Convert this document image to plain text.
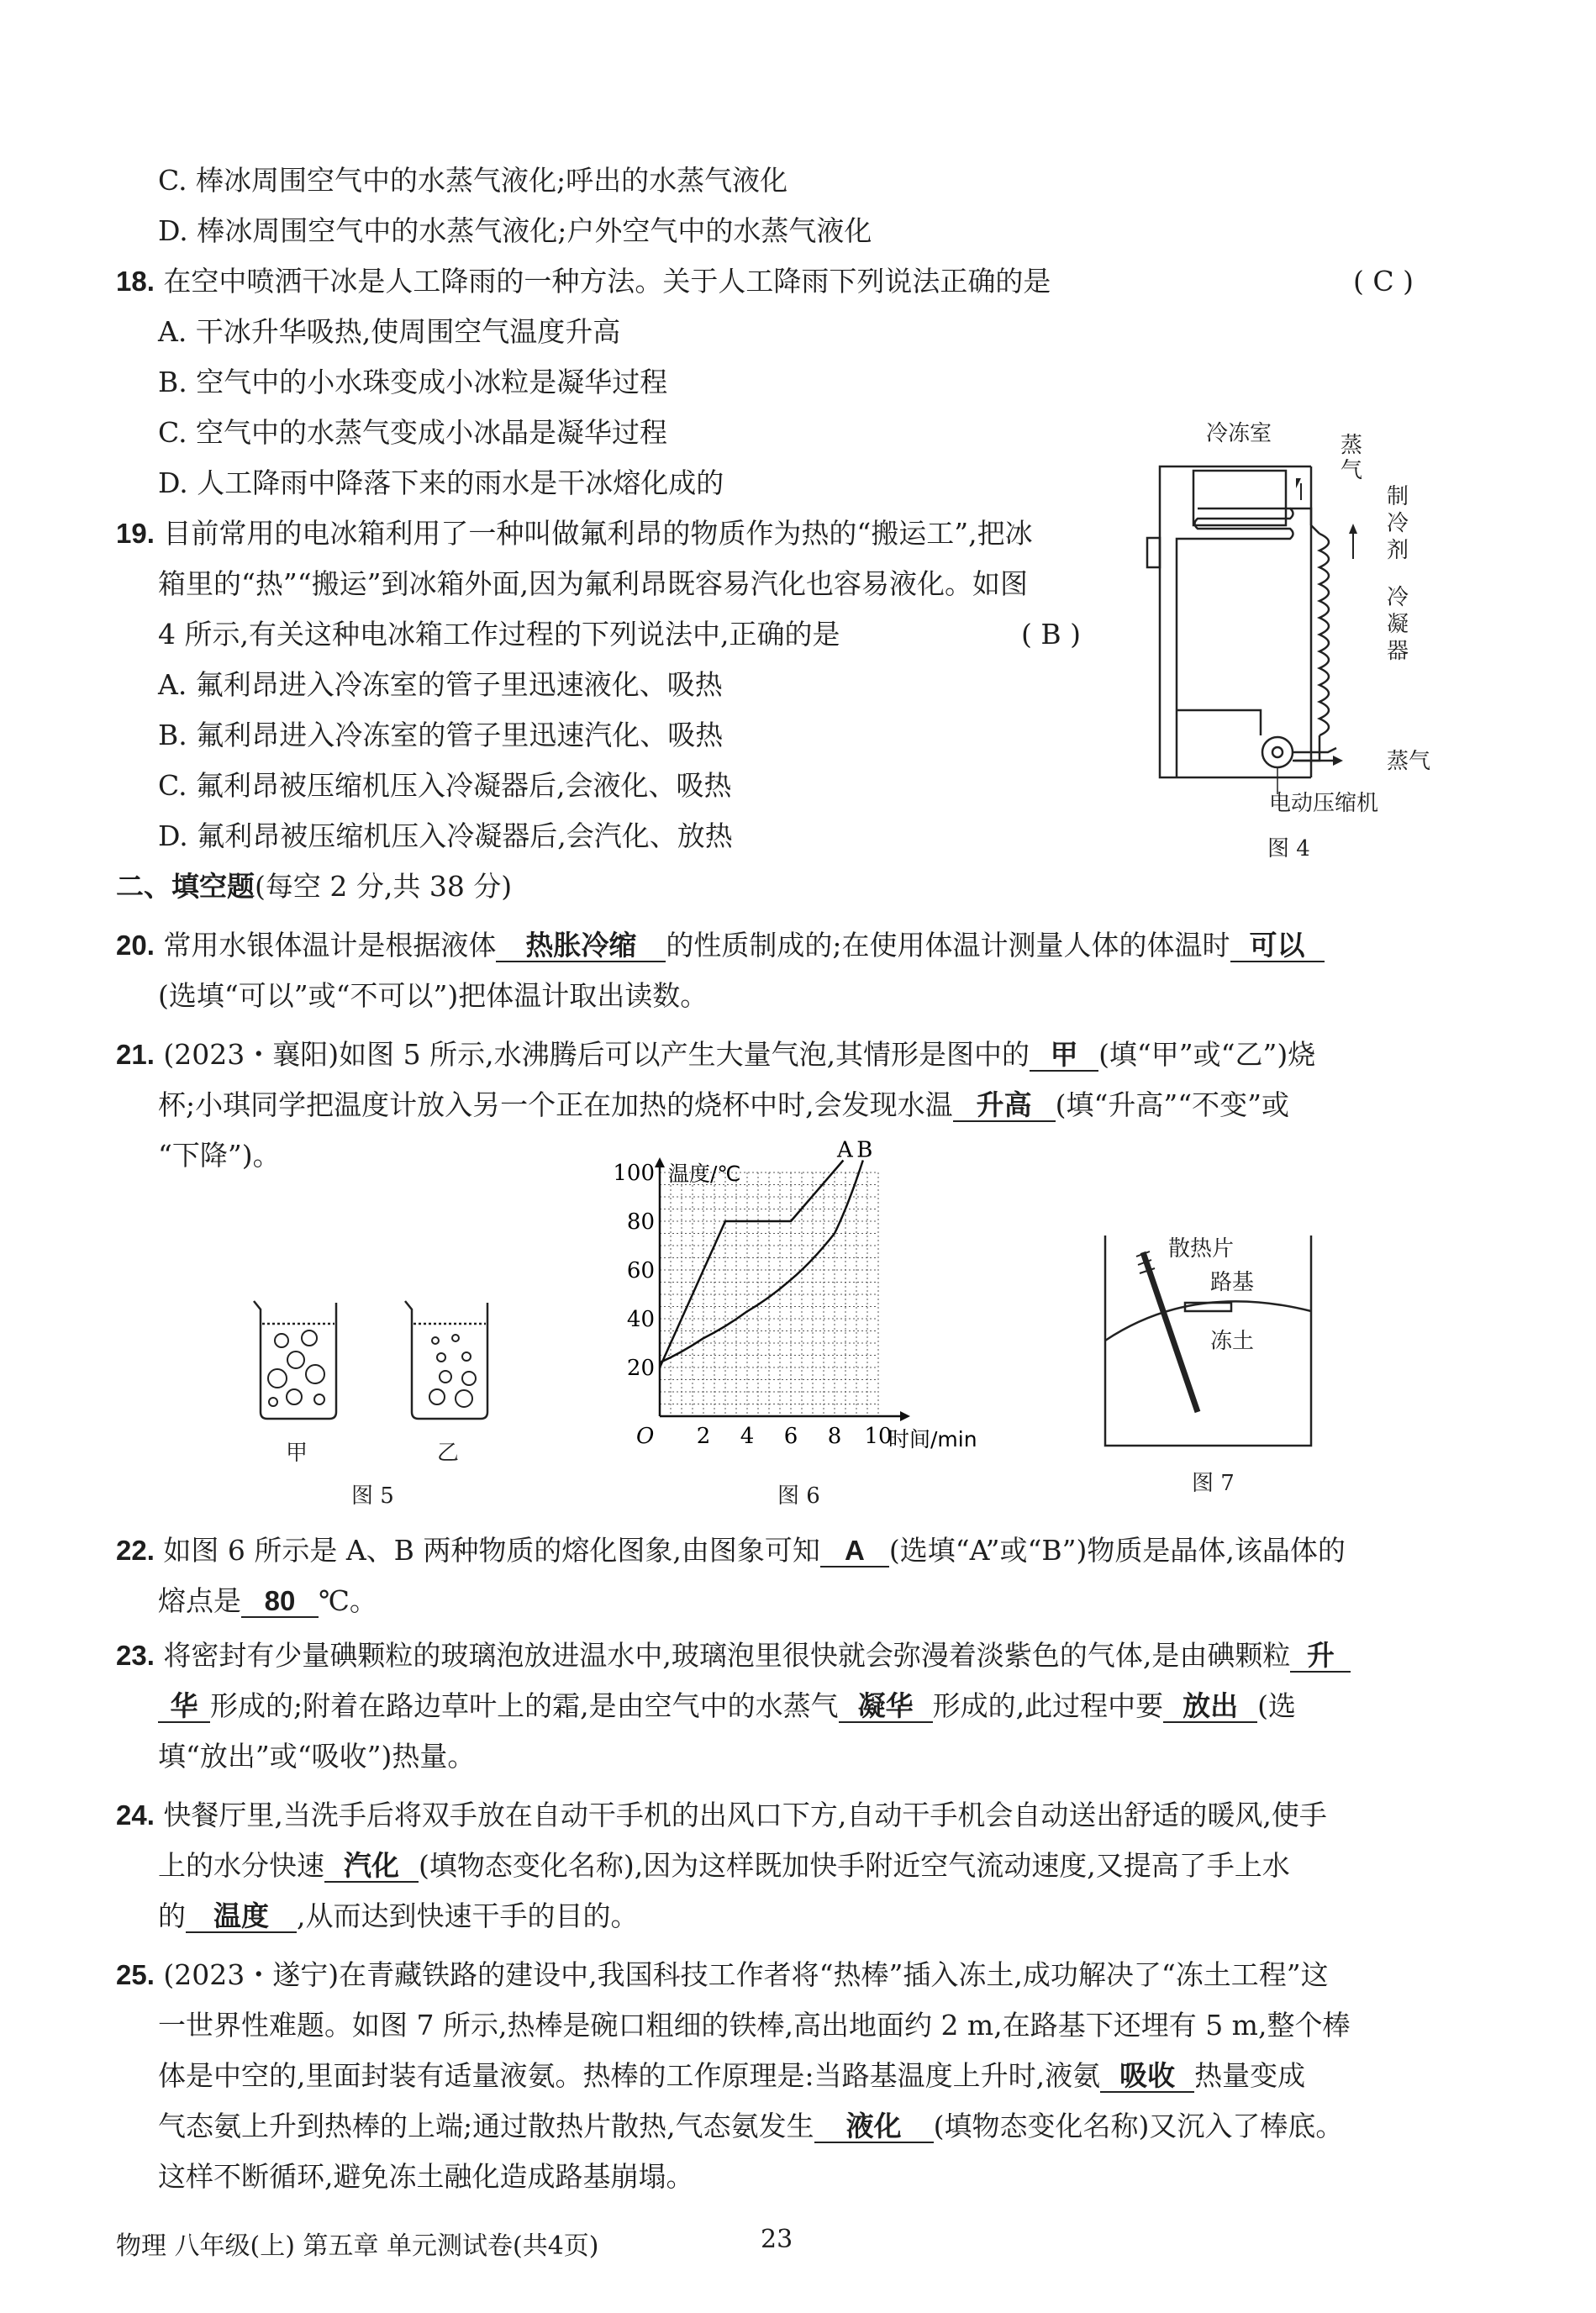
C. 棒冰周围空气中的水蒸气液化;呼出的水蒸气液化
D. 棒冰周围空气中的水蒸气液化;户外空气中的水蒸气液化
18. 在空中喷洒干冰是人工降雨的一种方法。关于人工降雨下列说法正确的是	( C )
A. 干冰升华吸热,使周围空气温度升高
B. 空气中的小水珠变成小冰粒是凝华过程
C. 空气中的水蒸气变成小冰晶是凝华过程
D. 人工降雨中降落下来的雨水是干冰熔化成的
19. 目前常用的电冰箱利用了一种叫做氟利昂的物质作为热的“搬运工”,把冰
箱里的“热”“搬运”到冰箱外面,因为氟利昂既容易汽化也容易液化。如图
4 所示,有关这种电冰箱工作过程的下列说法中,正确的是	( B )
A. 氟利昂进入冷冻室的管子里迅速液化、吸热
B. 氟利昂进入冷冻室的管子里迅速汽化、吸热
C. 氟利昂被压缩机压入冷凝器后,会液化、吸热
D. 氟利昂被压缩机压入冷凝器后,会汽化、放热
冷冻室	蒸
气
制
冷
剂
冷
凝
器
蒸气
电动压缩机
图 4
二、填空题(每空 2 分,共 38 分)
20. 常用水银体温计是根据液体 热胀冷缩 的性质制成的;在使用体温计测量人体的体温时 可以
(选填“可以”或“不可以”)把体温计取出读数。
21. (2023・襄阳)如图 5 所示,水沸腾后可以产生大量气泡,其情形是图中的 甲 (填“甲”或“乙”)烧
杯;小琪同学把温度计放入另一个正在加热的烧杯中时,会发现水温 升高 (填“升高”“不变”或
“下降”)。
甲	乙
图 5
2 4 6 8 10
20
40
60
80
100
O
温度/℃
时间/min
A B
图 6
散热片
路基
冻土
图 7
22. 如图 6 所示是 A、B 两种物质的熔化图象,由图象可知 A (选填“A”或“B”)物质是晶体,该晶体的
熔点是 80 ℃。
23. 将密封有少量碘颗粒的玻璃泡放进温水中,玻璃泡里很快就会弥漫着淡紫色的气体,是由碘颗粒 升
华 形成的;附着在路边草叶上的霜,是由空气中的水蒸气 凝华 形成的,此过程中要 放出 (选
填“放出”或“吸收”)热量。
24. 快餐厅里,当洗手后将双手放在自动干手机的出风口下方,自动干手机会自动送出舒适的暖风,使手
上的水分快速 汽化 (填物态变化名称),因为这样既加快手附近空气流动速度,又提高了手上水
的 温度 ,从而达到快速干手的目的。
25. (2023・遂宁)在青藏铁路的建设中,我国科技工作者将“热棒”插入冻土,成功解决了“冻土工程”这
一世界性难题。如图 7 所示,热棒是碗口粗细的铁棒,高出地面约 2 m,在路基下还埋有 5 m,整个棒
体是中空的,里面封装有适量液氨。热棒的工作原理是:当路基温度上升时,液氨 吸收 热量变成
气态氨上升到热棒的上端;通过散热片散热,气态氨发生 液化 (填物态变化名称)又沉入了棒底。
这样不断循环,避免冻土融化造成路基崩塌。
物理 八年级(上) 第五章 单元测试卷(共4页)	23
